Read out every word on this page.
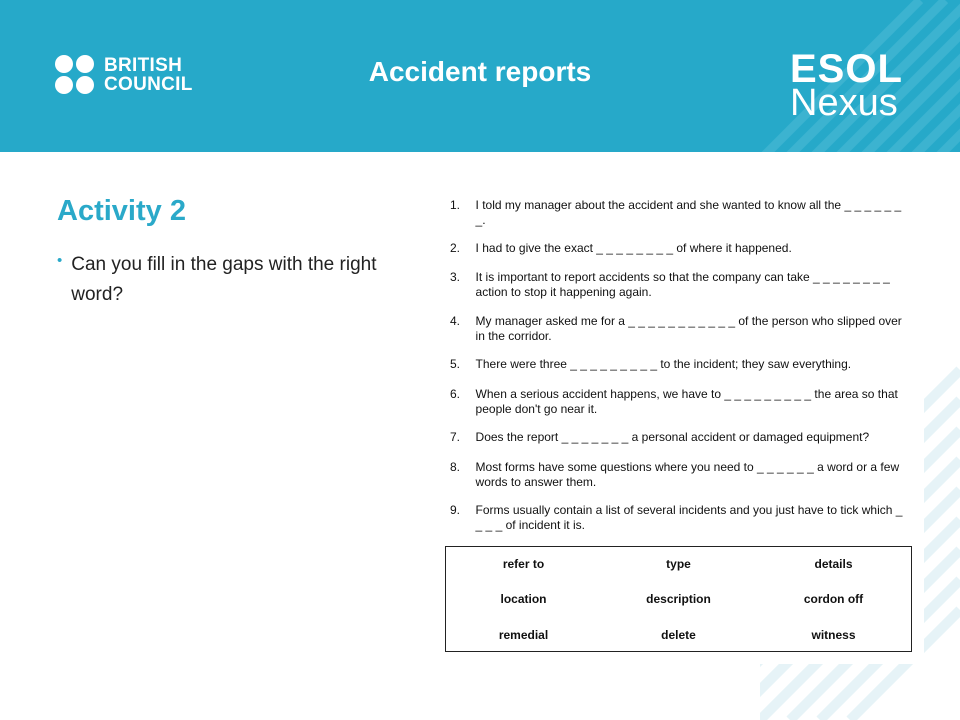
BRITISH
COUNCIL	Accident reports	ESOL
Nexus
Activity 2
• Can you fill in the gaps with the right word?
1.	I told my manager about the accident and she wanted to know all the _ _ _ _ _ _ _.
2.	I had to give the exact _ _ _ _ _ _ _ _ of where it happened.
3.	It is important to report accidents so that the company can take _ _ _ _ _ _ _ _ action to stop it happening again.
4.	My manager asked me for a _ _ _ _ _ _ _ _ _ _ _ of the person who slipped over in the corridor.
5.	There were three _ _ _ _ _ _ _ _ _ to the incident; they saw everything.
6.	When a serious accident happens, we have to _ _ _ _ _ _ _ _ _ the area so that people don't go near it.
7.	Does the report _ _ _ _ _ _ _ a personal accident or damaged equipment?
8.	Most forms have some questions where you need to _ _ _ _ _ _ a word or a few words to answer them.
9.	Forms usually contain a list of several incidents and you just have to tick which _ _ _ _ of incident it is.
refer to	type	details
location	description	cordon off
remedial	delete	witness
